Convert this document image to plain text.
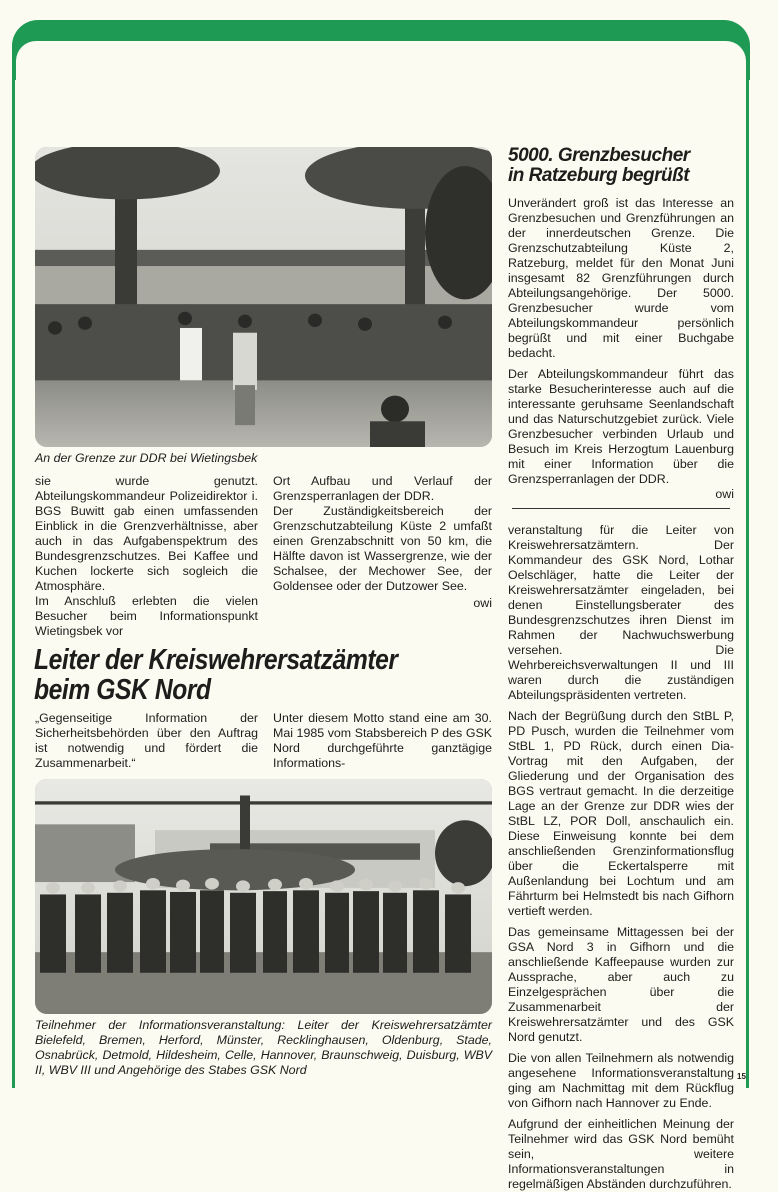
An der Grenze zur DDR bei Wietingsbek
sie wurde genutzt. Abteilungskommandeur Polizeidirektor i. BGS Buwitt gab einen umfassenden Einblick in die Grenzverhältnisse, aber auch in das Aufgabenspektrum des Bundesgrenzschutzes. Bei Kaffee und Kuchen lockerte sich sogleich die Atmosphäre.
Im Anschluß erlebten die vielen Besucher beim Informationspunkt Wietingsbek vor
Ort Aufbau und Verlauf der Grenzsperranlagen der DDR.
Der Zuständigkeitsbereich der Grenzschutzabteilung Küste 2 umfaßt einen Grenzabschnitt von 50 km, die Hälfte davon ist Wassergrenze, wie der Schalsee, der Mechower See, der Goldensee oder der Dutzower See.
owi
Leiter der Kreiswehrersatzämter
beim GSK Nord
„Gegenseitige Information der Sicherheitsbehörden über den Auftrag ist notwendig und fördert die Zusammenarbeit.“
Unter diesem Motto stand eine am 30. Mai 1985 vom Stabsbereich P des GSK Nord durchgeführte ganztägige Informations-
Teilnehmer der Informationsveranstaltung: Leiter der Kreiswehrersatzämter Bielefeld, Bremen, Herford, Münster, Recklinghausen, Oldenburg, Stade, Osnabrück, Detmold, Hildesheim, Celle, Hannover, Braunschweig, Duisburg, WBV II, WBV III und Angehörige des Stabes GSK Nord
5000. Grenzbesucher
in Ratzeburg begrüßt

Unverändert groß ist das Interesse an Grenzbesuchen und Grenzführungen an der innerdeutschen Grenze. Die Grenzschutzabteilung Küste 2, Ratzeburg, meldet für den Monat Juni insgesamt 82 Grenzführungen durch Abteilungsangehörige. Der 5000. Grenzbesucher wurde vom Abteilungskommandeur persönlich begrüßt und mit einer Buchgabe bedacht.

Der Abteilungskommandeur führt das starke Besucherinteresse auch auf die interessante geruhsame Seenlandschaft und das Naturschutzgebiet zurück. Viele Grenzbesucher verbinden Urlaub und Besuch im Kreis Herzogtum Lauenburg mit einer Information über die Grenzsperranlagen der DDR.

owi

veranstaltung für die Leiter von Kreiswehrersatzämtern. Der Kommandeur des GSK Nord, Lothar Oelschläger, hatte die Leiter der Kreiswehrersatzämter eingeladen, bei denen Einstellungsberater des Bundesgrenzschutzes ihren Dienst im Rahmen der Nachwuchswerbung versehen. Die Wehrbereichsverwaltungen II und III waren durch die zuständigen Abteilungspräsidenten vertreten.

Nach der Begrüßung durch den StBL P, PD Pusch, wurden die Teilnehmer vom StBL 1, PD Rück, durch einen Dia-Vortrag mit den Aufgaben, der Gliederung und der Organisation des BGS vertraut gemacht. In die derzeitige Lage an der Grenze zur DDR wies der StBL LZ, POR Doll, anschaulich ein. Diese Einweisung konnte bei dem anschließenden Grenzinformationsflug über die Eckertalsperre mit Außenlandung bei Lochtum und am Fährturm bei Helmstedt bis nach Gifhorn vertieft werden.

Das gemeinsame Mittagessen bei der GSA Nord 3 in Gifhorn und die anschließende Kaffeepause wurden zur Aussprache, aber auch zu Einzelgesprächen über die Zusammenarbeit der Kreiswehrersatzämter und des GSK Nord genutzt.

Die von allen Teilnehmern als notwendig angesehene Informationsveranstaltung ging am Nachmittag mit dem Rückflug von Gifhorn nach Hannover zu Ende.

Aufgrund der einheitlichen Meinung der Teilnehmer wird das GSK Nord bemüht sein, weitere Informationsveranstaltungen in regelmäßigen Abständen durchzuführen.

15
